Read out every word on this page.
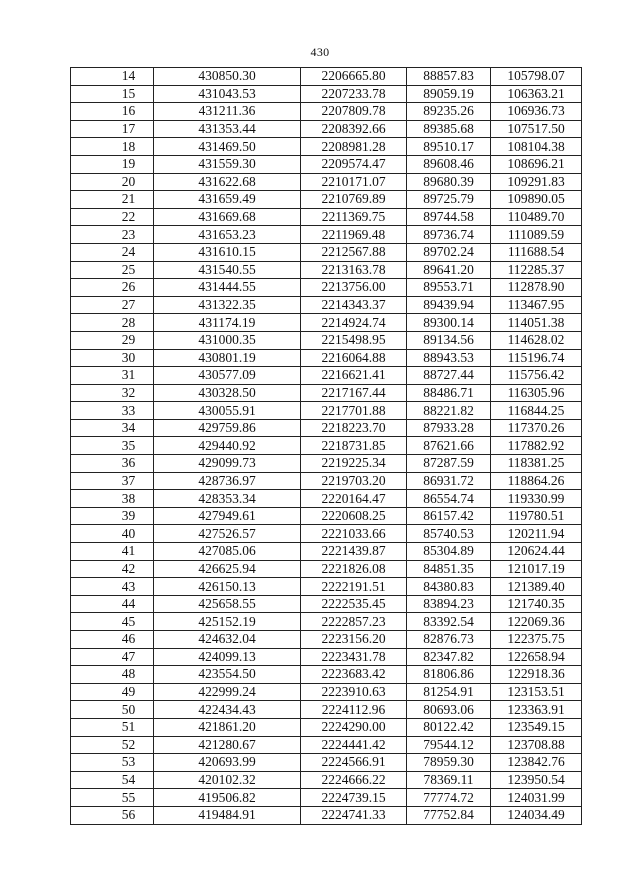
430
14	430850.30	2206665.80	88857.83	105798.07
15	431043.53	2207233.78	89059.19	106363.21
16	431211.36	2207809.78	89235.26	106936.73
17	431353.44	2208392.66	89385.68	107517.50
18	431469.50	2208981.28	89510.17	108104.38
19	431559.30	2209574.47	89608.46	108696.21
20	431622.68	2210171.07	89680.39	109291.83
21	431659.49	2210769.89	89725.79	109890.05
22	431669.68	2211369.75	89744.58	110489.70
23	431653.23	2211969.48	89736.74	111089.59
24	431610.15	2212567.88	89702.24	111688.54
25	431540.55	2213163.78	89641.20	112285.37
26	431444.55	2213756.00	89553.71	112878.90
27	431322.35	2214343.37	89439.94	113467.95
28	431174.19	2214924.74	89300.14	114051.38
29	431000.35	2215498.95	89134.56	114628.02
30	430801.19	2216064.88	88943.53	115196.74
31	430577.09	2216621.41	88727.44	115756.42
32	430328.50	2217167.44	88486.71	116305.96
33	430055.91	2217701.88	88221.82	116844.25
34	429759.86	2218223.70	87933.28	117370.26
35	429440.92	2218731.85	87621.66	117882.92
36	429099.73	2219225.34	87287.59	118381.25
37	428736.97	2219703.20	86931.72	118864.26
38	428353.34	2220164.47	86554.74	119330.99
39	427949.61	2220608.25	86157.42	119780.51
40	427526.57	2221033.66	85740.53	120211.94
41	427085.06	2221439.87	85304.89	120624.44
42	426625.94	2221826.08	84851.35	121017.19
43	426150.13	2222191.51	84380.83	121389.40
44	425658.55	2222535.45	83894.23	121740.35
45	425152.19	2222857.23	83392.54	122069.36
46	424632.04	2223156.20	82876.73	122375.75
47	424099.13	2223431.78	82347.82	122658.94
48	423554.50	2223683.42	81806.86	122918.36
49	422999.24	2223910.63	81254.91	123153.51
50	422434.43	2224112.96	80693.06	123363.91
51	421861.20	2224290.00	80122.42	123549.15
52	421280.67	2224441.42	79544.12	123708.88
53	420693.99	2224566.91	78959.30	123842.76
54	420102.32	2224666.22	78369.11	123950.54
55	419506.82	2224739.15	77774.72	124031.99
56	419484.91	2224741.33	77752.84	124034.49
